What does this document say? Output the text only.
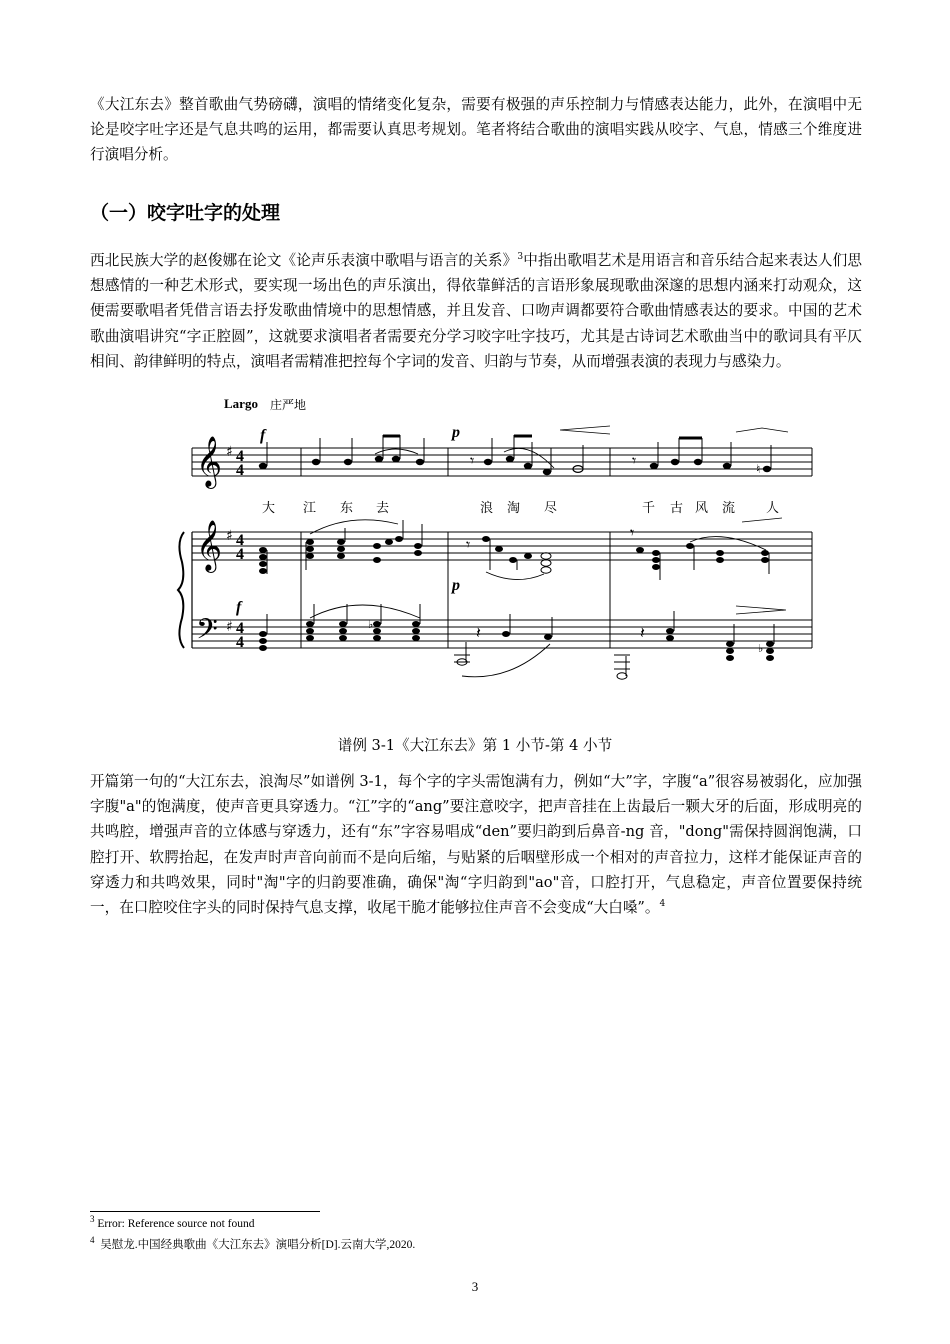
《大江东去》整首歌曲气势磅礴，演唱的情绪变化复杂，需要有极强的声乐控制力与情感表达能力，此外，在演唱中无论是咬字吐字还是气息共鸣的运用，都需要认真思考规划。笔者将结合歌曲的演唱实践从咬字、气息，情感三个维度进行演唱分析。

（一）咬字吐字的处理

西北民族大学的赵俊娜在论文《论声乐表演中歌唱与语言的关系》$^3$中指出歌唱艺术是用语言和音乐结合起来表达人们思想感情的一种艺术形式，要实现一场出色的声乐演出，得依靠鲜活的言语形象展现歌曲深邃的思想内涵来打动观众，这便需要歌唱者凭借言语去抒发歌曲情境中的思想情感，并且发音、口吻声调都要符合歌曲情感表达的要求。中国的艺术歌曲演唱讲究“字正腔圆”，这就要求演唱者者需要充分学习咬字吐字技巧，尤其是古诗词艺术歌曲当中的歌词具有平仄相间、韵律鲜明的特点，演唱者需精准把控每个字词的发音、归韵与节奏，从而增强表演的表现力与感染力。

Largo 庄严地
𝄞
𝄞
𝄢
♯
♯
♯
4
4
4
4
4
4
f	p
f
p
♮
𝄾	𝄾
大 江 东 去	浪 淘 尽	千 古 风 流 人
𝄾
𝄾
𝄽	𝄽
♭
♭
谱例 3-1《大江东去》第 1 小节-第 4 小节

开篇第一句的“大江东去，浪淘尽”如谱例 3-1，每个字的字头需饱满有力，例如“大”字，字腹“a”很容易被弱化，应加强字腹"a"的饱满度，使声音更具穿透力。“江”字的“ang”要注意咬字，把声音挂在上齿最后一颗大牙的后面，形成明亮的共鸣腔，增强声音的立体感与穿透力，还有“东”字容易唱成“den”要归韵到后鼻音-ng 音，"dong"需保持圆润饱满，口腔打开、软腭抬起，在发声时声音向前而不是向后缩，与贴紧的后咽壁形成一个相对的声音拉力，这样才能保证声音的穿透力和共鸣效果，同时"淘"字的归韵要准确，确保"淘“字归韵到"ao"音，口腔打开，气息稳定，声音位置要保持统一，在口腔咬住字头的同时保持气息支撑，收尾干脆才能够拉住声音不会变成“大白嗓”。$^4$

$^3$ Error: Reference source not found
$^4$ 吴慰龙.中国经典歌曲《大江东去》演唱分析[D].云南大学,2020.
3
